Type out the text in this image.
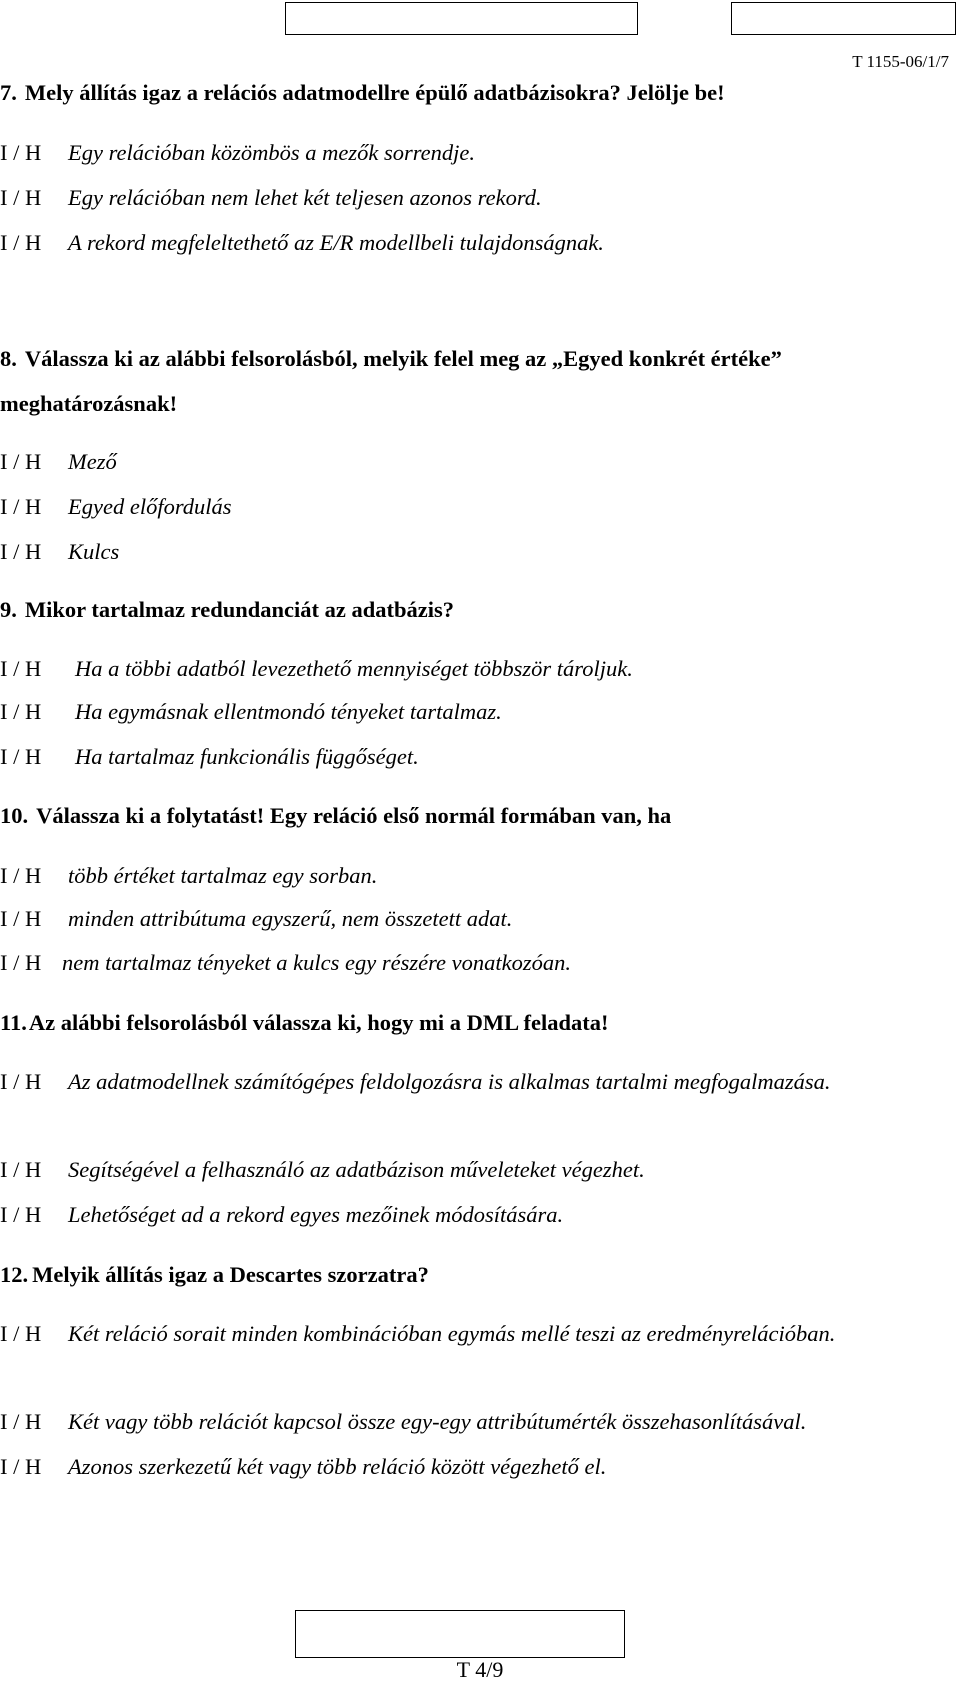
T 1155-06/1/7
7. Mely állítás igaz a relációs adatmodellre épülő adatbázisokra? Jelölje be!
I / H Egy relációban közömbös a mezők sorrendje.
I / H Egy relációban nem lehet két teljesen azonos rekord.
I / H A rekord megfeleltethető az E/R modellbeli tulajdonságnak.
8. Válassza ki az alábbi felsorolásból, melyik felel meg az „Egyed konkrét értéke” meghatározásnak!
I / H Mező
I / H Egyed előfordulás
I / H Kulcs
9. Mikor tartalmaz redundanciát az adatbázis?
I / H Ha a többi adatból levezethető mennyiséget többször tároljuk.
I / H Ha egymásnak ellentmondó tényeket tartalmaz.
I / H Ha tartalmaz funkcionális függőséget.
10. Válassza ki a folytatást! Egy reláció első normál formában van, ha
I / H több értéket tartalmaz egy sorban.
I / H minden attribútuma egyszerű, nem összetett adat.
I / H nem tartalmaz tényeket a kulcs egy részére vonatkozóan.
11.Az alábbi felsorolásból válassza ki, hogy mi a DML feladata!
I / H Az adatmodellnek számítógépes feldolgozásra is alkalmas tartalmi megfogalmazása.
I / H Segítségével a felhasználó az adatbázison műveleteket végezhet.
I / H Lehetőséget ad a rekord egyes mezőinek módosítására.
12. Melyik állítás igaz a Descartes szorzatra?
I / H Két reláció sorait minden kombinációban egymás mellé teszi az eredményrelációban.
I / H Két vagy több relációt kapcsol össze egy-egy attribútumérték összehasonlításával.
I / H Azonos szerkezetű két vagy több reláció között végezhető el.
T 4/9
